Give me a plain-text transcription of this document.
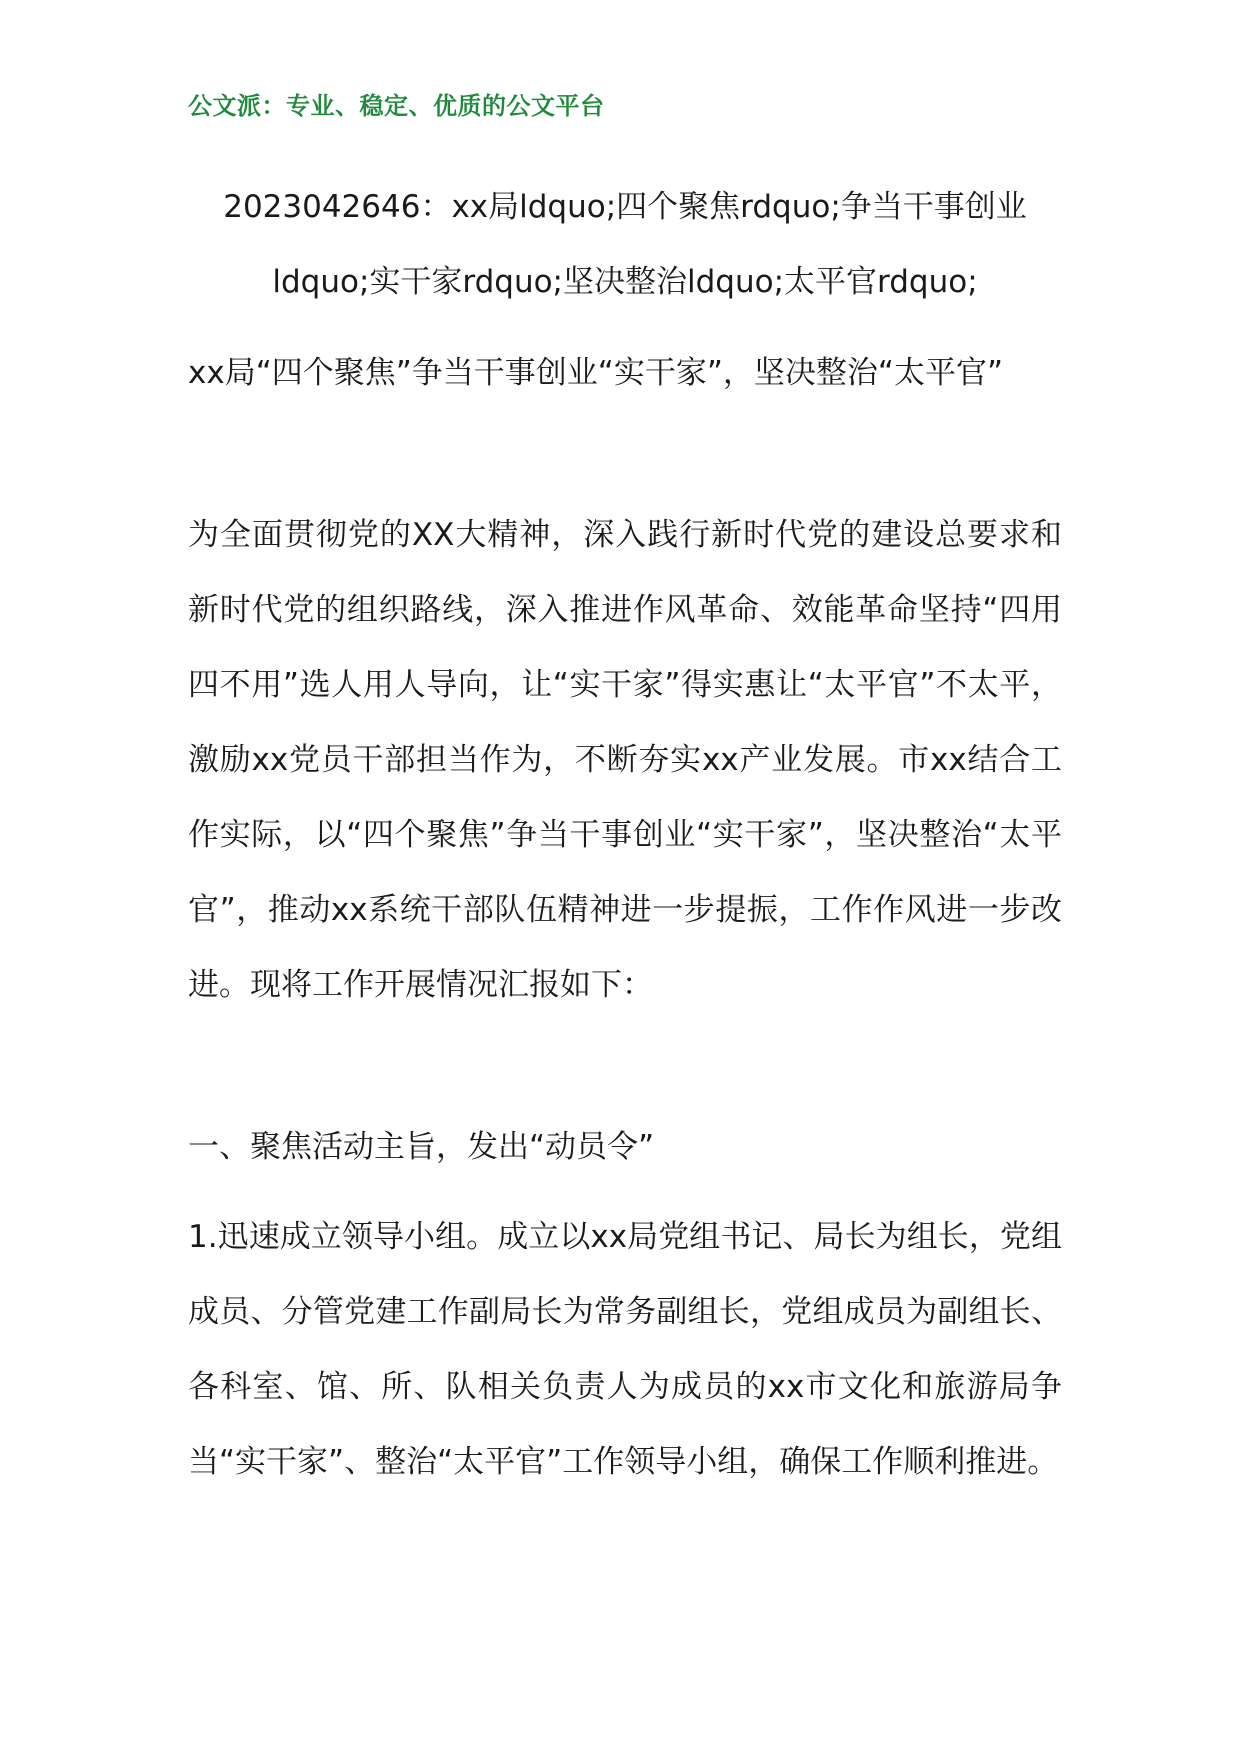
公文派：专业、稳定、优质的公文平台
2023042646：xx局ldquo;四个聚焦rdquo;争当干事创业ldquo;实干家rdquo;坚决整治ldquo;太平官rdquo;
xx局“四个聚焦”争当干事创业“实干家”，坚决整治“太平官”
为全面贯彻党的XX大精神，深入践行新时代党的建设总要求和新时代党的组织路线，深入推进作风革命、效能革命坚持“四用四不用”选人用人导向，让“实干家”得实惠让“太平官”不太平，激励xx党员干部担当作为，不断夯实xx产业发展。市xx结合工作实际，以“四个聚焦”争当干事创业“实干家”，坚决整治“太平官”，推动xx系统干部队伍精神进一步提振，工作作风进一步改进。现将工作开展情况汇报如下：
一、聚焦活动主旨，发出“动员令”
1.迅速成立领导小组。成立以xx局党组书记、局长为组长，党组成员、分管党建工作副局长为常务副组长，党组成员为副组长、各科室、馆、所、队相关负责人为成员的xx市文化和旅游局争当“实干家”、整治“太平官”工作领导小组，确保工作顺利推进。
